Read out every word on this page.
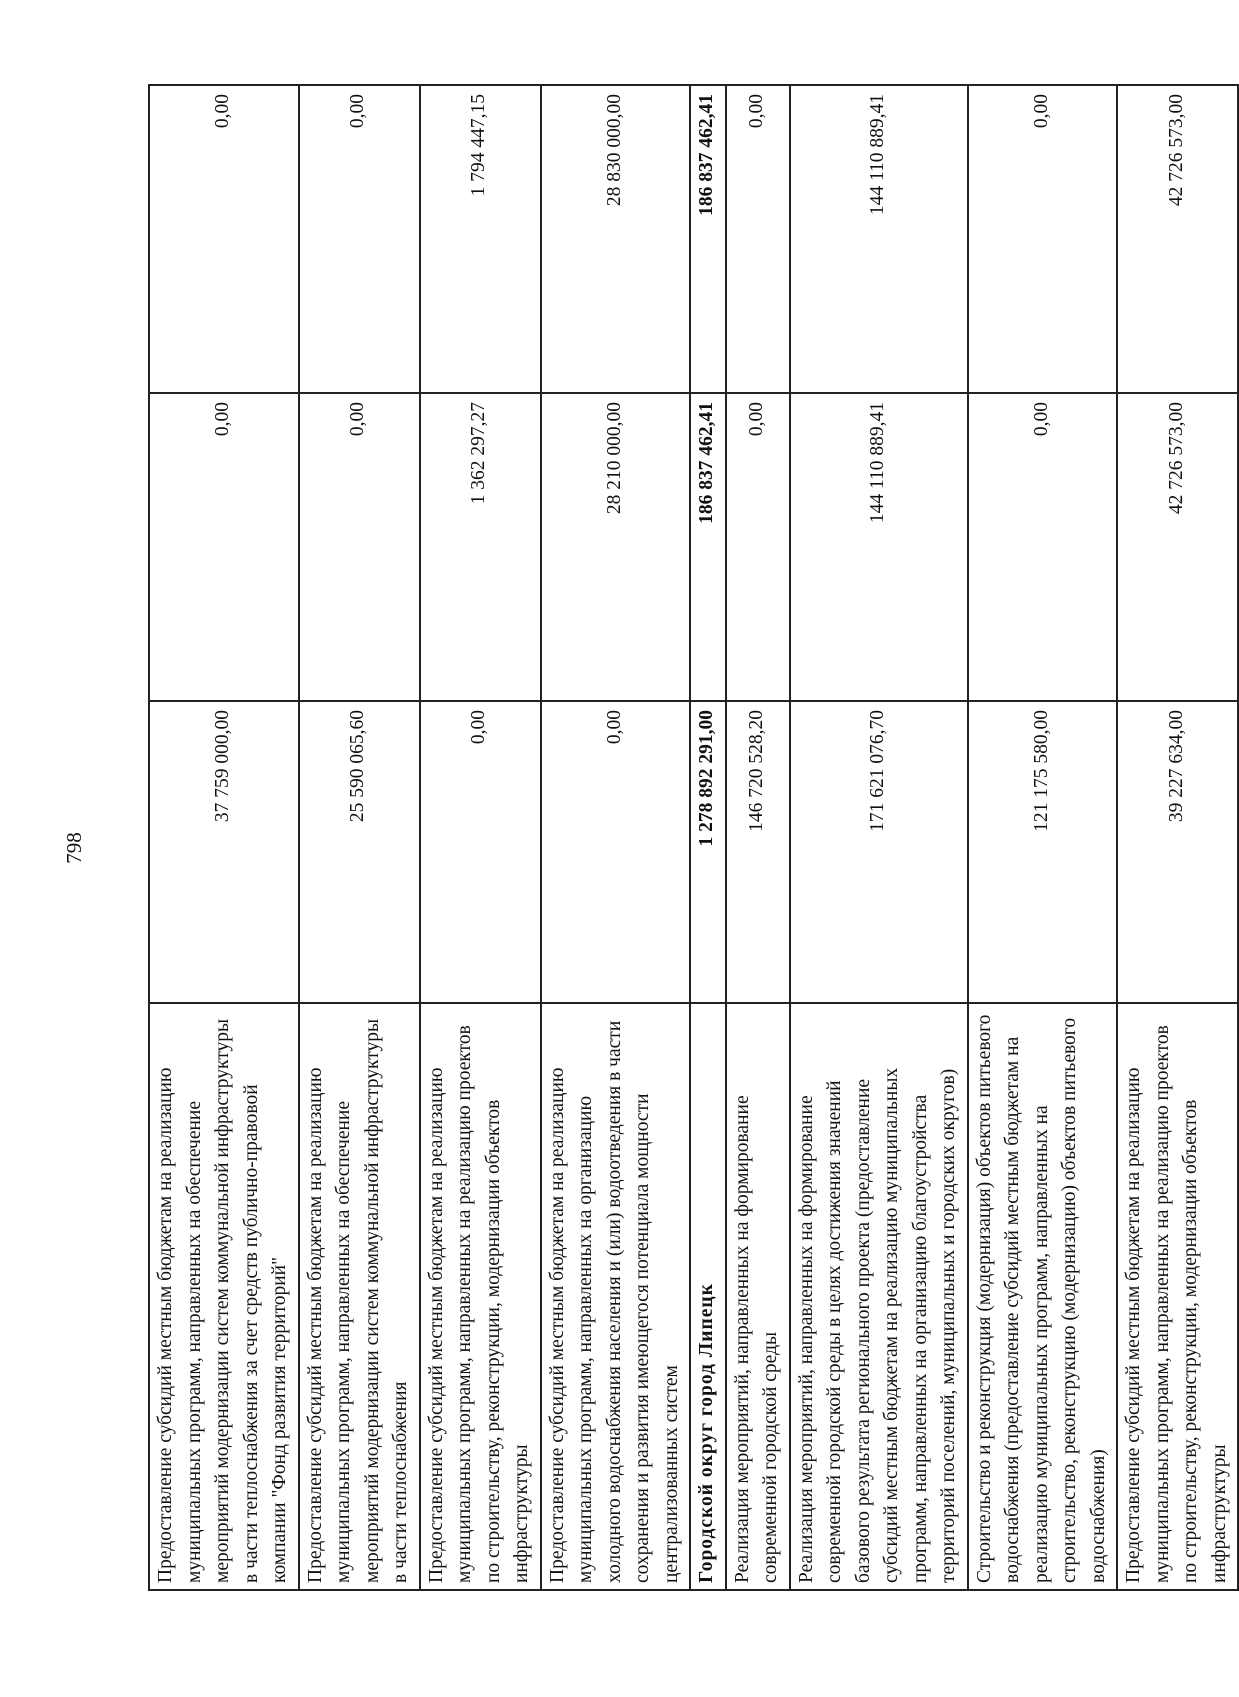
798
Предоставление субсидий местным бюджетам на реализацию муниципальных программ, направленных на обеспечение мероприятий модернизации систем коммунальной инфраструктуры в части теплоснабжения за счет средств публично-правовой компании "Фонд развития территорий"	37 759 000,00	0,00	0,00
Предоставление субсидий местным бюджетам на реализацию муниципальных программ, направленных на обеспечение мероприятий модернизации систем коммунальной инфраструктуры в части теплоснабжения	25 590 065,60	0,00	0,00
Предоставление субсидий местным бюджетам на реализацию муниципальных программ, направленных на реализацию проектов по строительству, реконструкции, модернизации объектов инфраструктуры	0,00	1 362 297,27	1 794 447,15
Предоставление субсидий местным бюджетам на реализацию муниципальных программ, направленных на организацию холодного водоснабжения населения и (или) водоотведения в части сохранения и развития имеющегося потенциала мощности централизованных систем	0,00	28 210 000,00	28 830 000,00
Городской округ город Липецк	1 278 892 291,00	186 837 462,41	186 837 462,41
Реализация мероприятий, направленных на формирование современной городской среды	146 720 528,20	0,00	0,00
Реализация мероприятий, направленных на формирование современной городской среды в целях достижения значений базового результата регионального проекта (предоставление субсидий местным бюджетам на реализацию муниципальных программ, направленных на организацию благоустройства территорий поселений, муниципальных и городских округов)	171 621 076,70	144 110 889,41	144 110 889,41
Строительство и реконструкция (модернизация) объектов питьевого водоснабжения (предоставление субсидий местным бюджетам на реализацию муниципальных программ, направленных на строительство, реконструкцию (модернизацию) объектов питьевого водоснабжения)	121 175 580,00	0,00	0,00
Предоставление субсидий местным бюджетам на реализацию муниципальных программ, направленных на реализацию проектов по строительству, реконструкции, модернизации объектов инфраструктуры	39 227 634,00	42 726 573,00	42 726 573,00
